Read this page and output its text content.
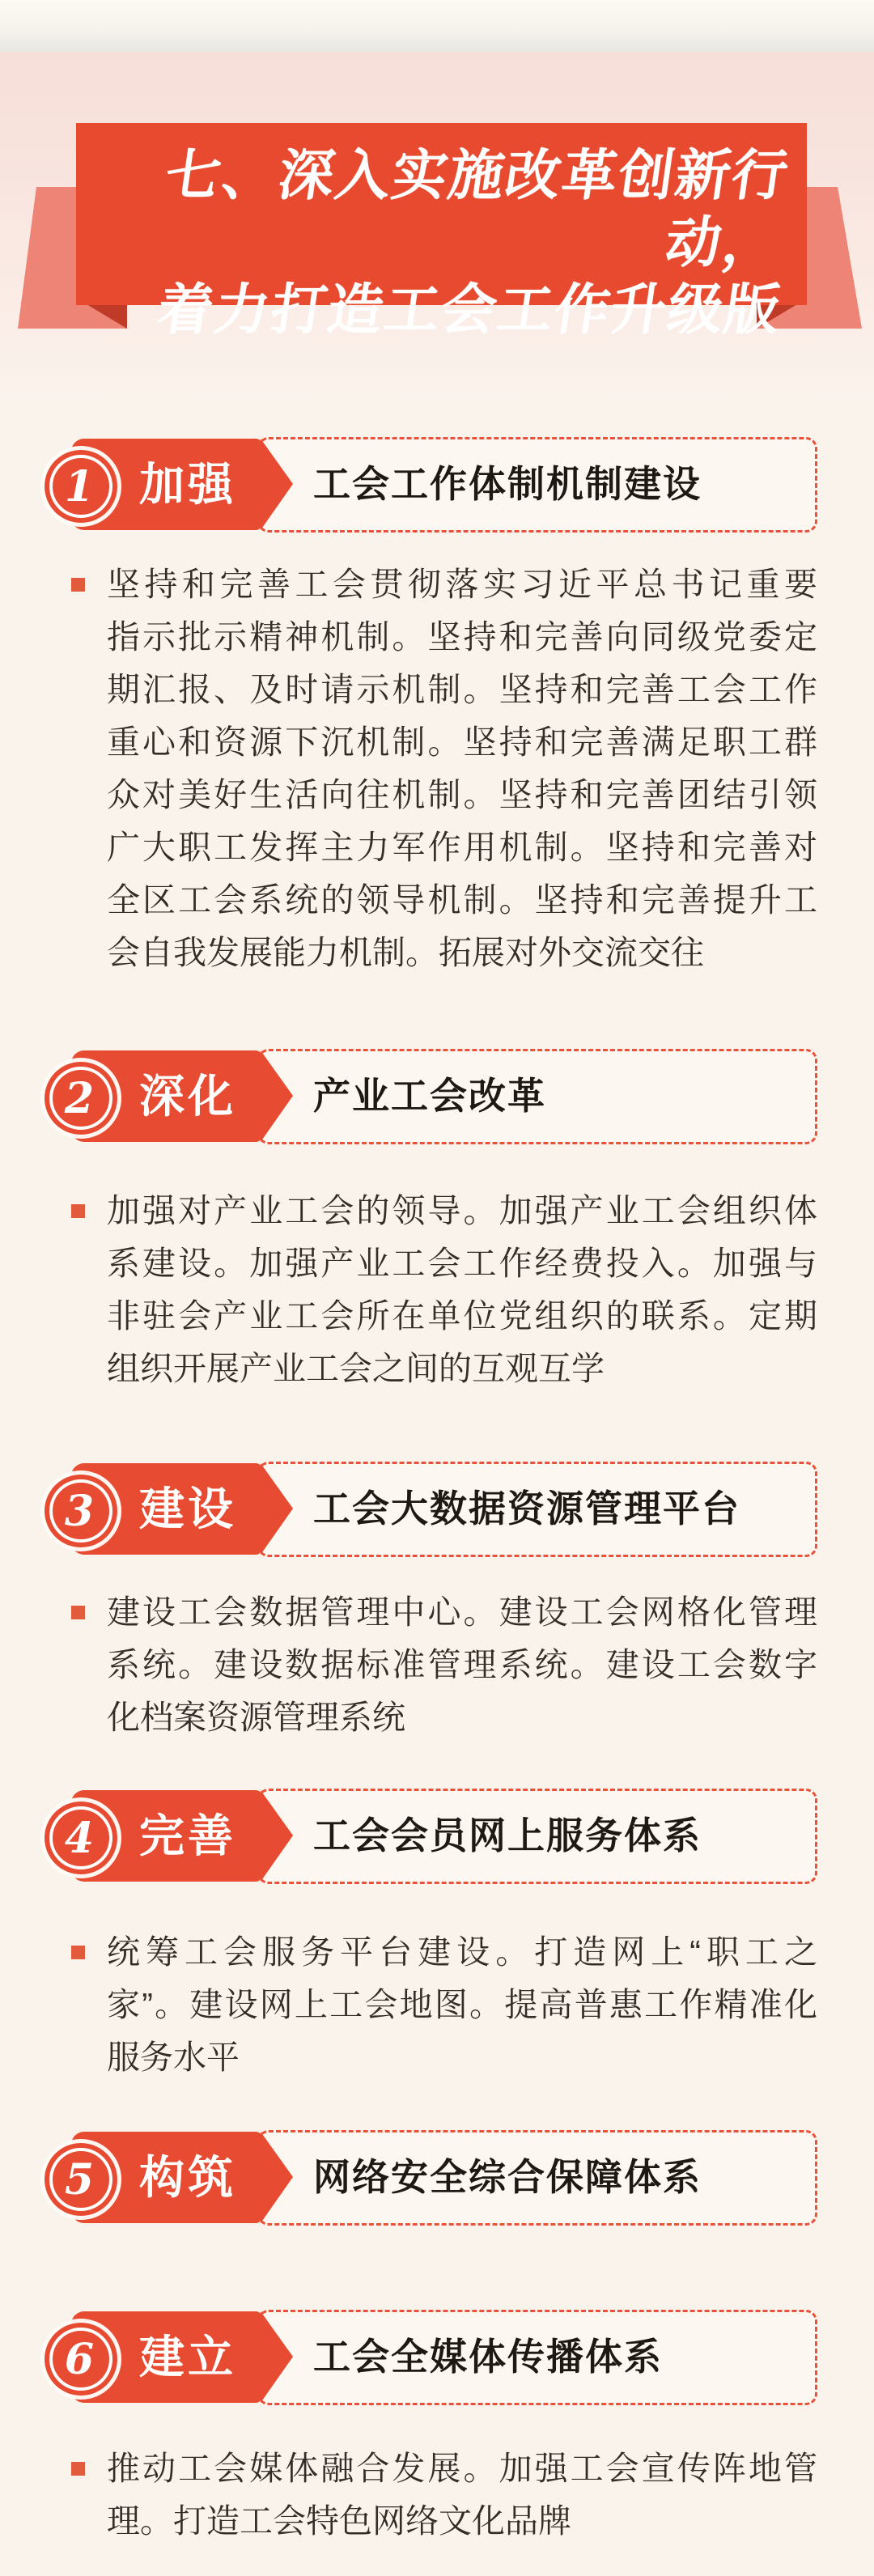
七、深入实施改革创新行动，
着力打造工会工作升级版
工会工作体制机制建设
加强
1
坚持和完善工会贯彻落实习近平总书记重要
指示批示精神机制。坚持和完善向同级党委定
期汇报、及时请示机制。坚持和完善工会工作
重心和资源下沉机制。坚持和完善满足职工群
众对美好生活向往机制。坚持和完善团结引领
广大职工发挥主力军作用机制。坚持和完善对
全区工会系统的领导机制。坚持和完善提升工
会自我发展能力机制。拓展对外交流交往
产业工会改革
深化
2
加强对产业工会的领导。加强产业工会组织体
系建设。加强产业工会工作经费投入。加强与
非驻会产业工会所在单位党组织的联系。定期
组织开展产业工会之间的互观互学
工会大数据资源管理平台
建设
3
建设工会数据管理中心。建设工会网格化管理
系统。建设数据标准管理系统。建设工会数字
化档案资源管理系统
工会会员网上服务体系
完善
4
统筹工会服务平台建设。打造网上“职工之
家”。建设网上工会地图。提高普惠工作精准化
服务水平
网络安全综合保障体系
构筑
5
工会全媒体传播体系
建立
6
推动工会媒体融合发展。加强工会宣传阵地管
理。打造工会特色网络文化品牌
